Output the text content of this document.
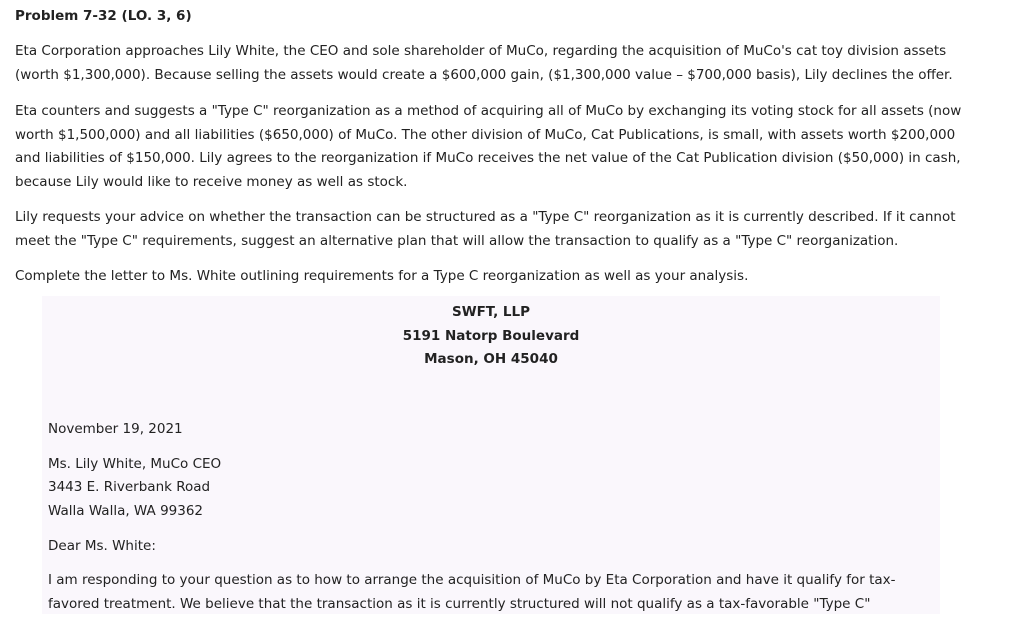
Problem 7-32 (LO. 3, 6)

Eta Corporation approaches Lily White, the CEO and sole shareholder of MuCo, regarding the acquisition of MuCo's cat toy division assets
(worth $1,300,000). Because selling the assets would create a $600,000 gain, ($1,300,000 value – $700,000 basis), Lily declines the offer.

Eta counters and suggests a "Type C" reorganization as a method of acquiring all of MuCo by exchanging its voting stock for all assets (now
worth $1,500,000) and all liabilities ($650,000) of MuCo. The other division of MuCo, Cat Publications, is small, with assets worth $200,000
and liabilities of $150,000. Lily agrees to the reorganization if MuCo receives the net value of the Cat Publication division ($50,000) in cash,
because Lily would like to receive money as well as stock.

Lily requests your advice on whether the transaction can be structured as a "Type C" reorganization as it is currently described. If it cannot
meet the "Type C" requirements, suggest an alternative plan that will allow the transaction to qualify as a "Type C" reorganization.

Complete the letter to Ms. White outlining requirements for a Type C reorganization as well as your analysis.

SWFT, LLP
5191 Natorp Boulevard
Mason, OH 45040
November 19, 2021
Ms. Lily White, MuCo CEO
3443 E. Riverbank Road
Walla Walla, WA 99362
Dear Ms. White:
I am responding to your question as to how to arrange the acquisition of MuCo by Eta Corporation and have it qualify for tax-
favored treatment. We believe that the transaction as it is currently structured will not qualify as a tax-favorable "Type C"
